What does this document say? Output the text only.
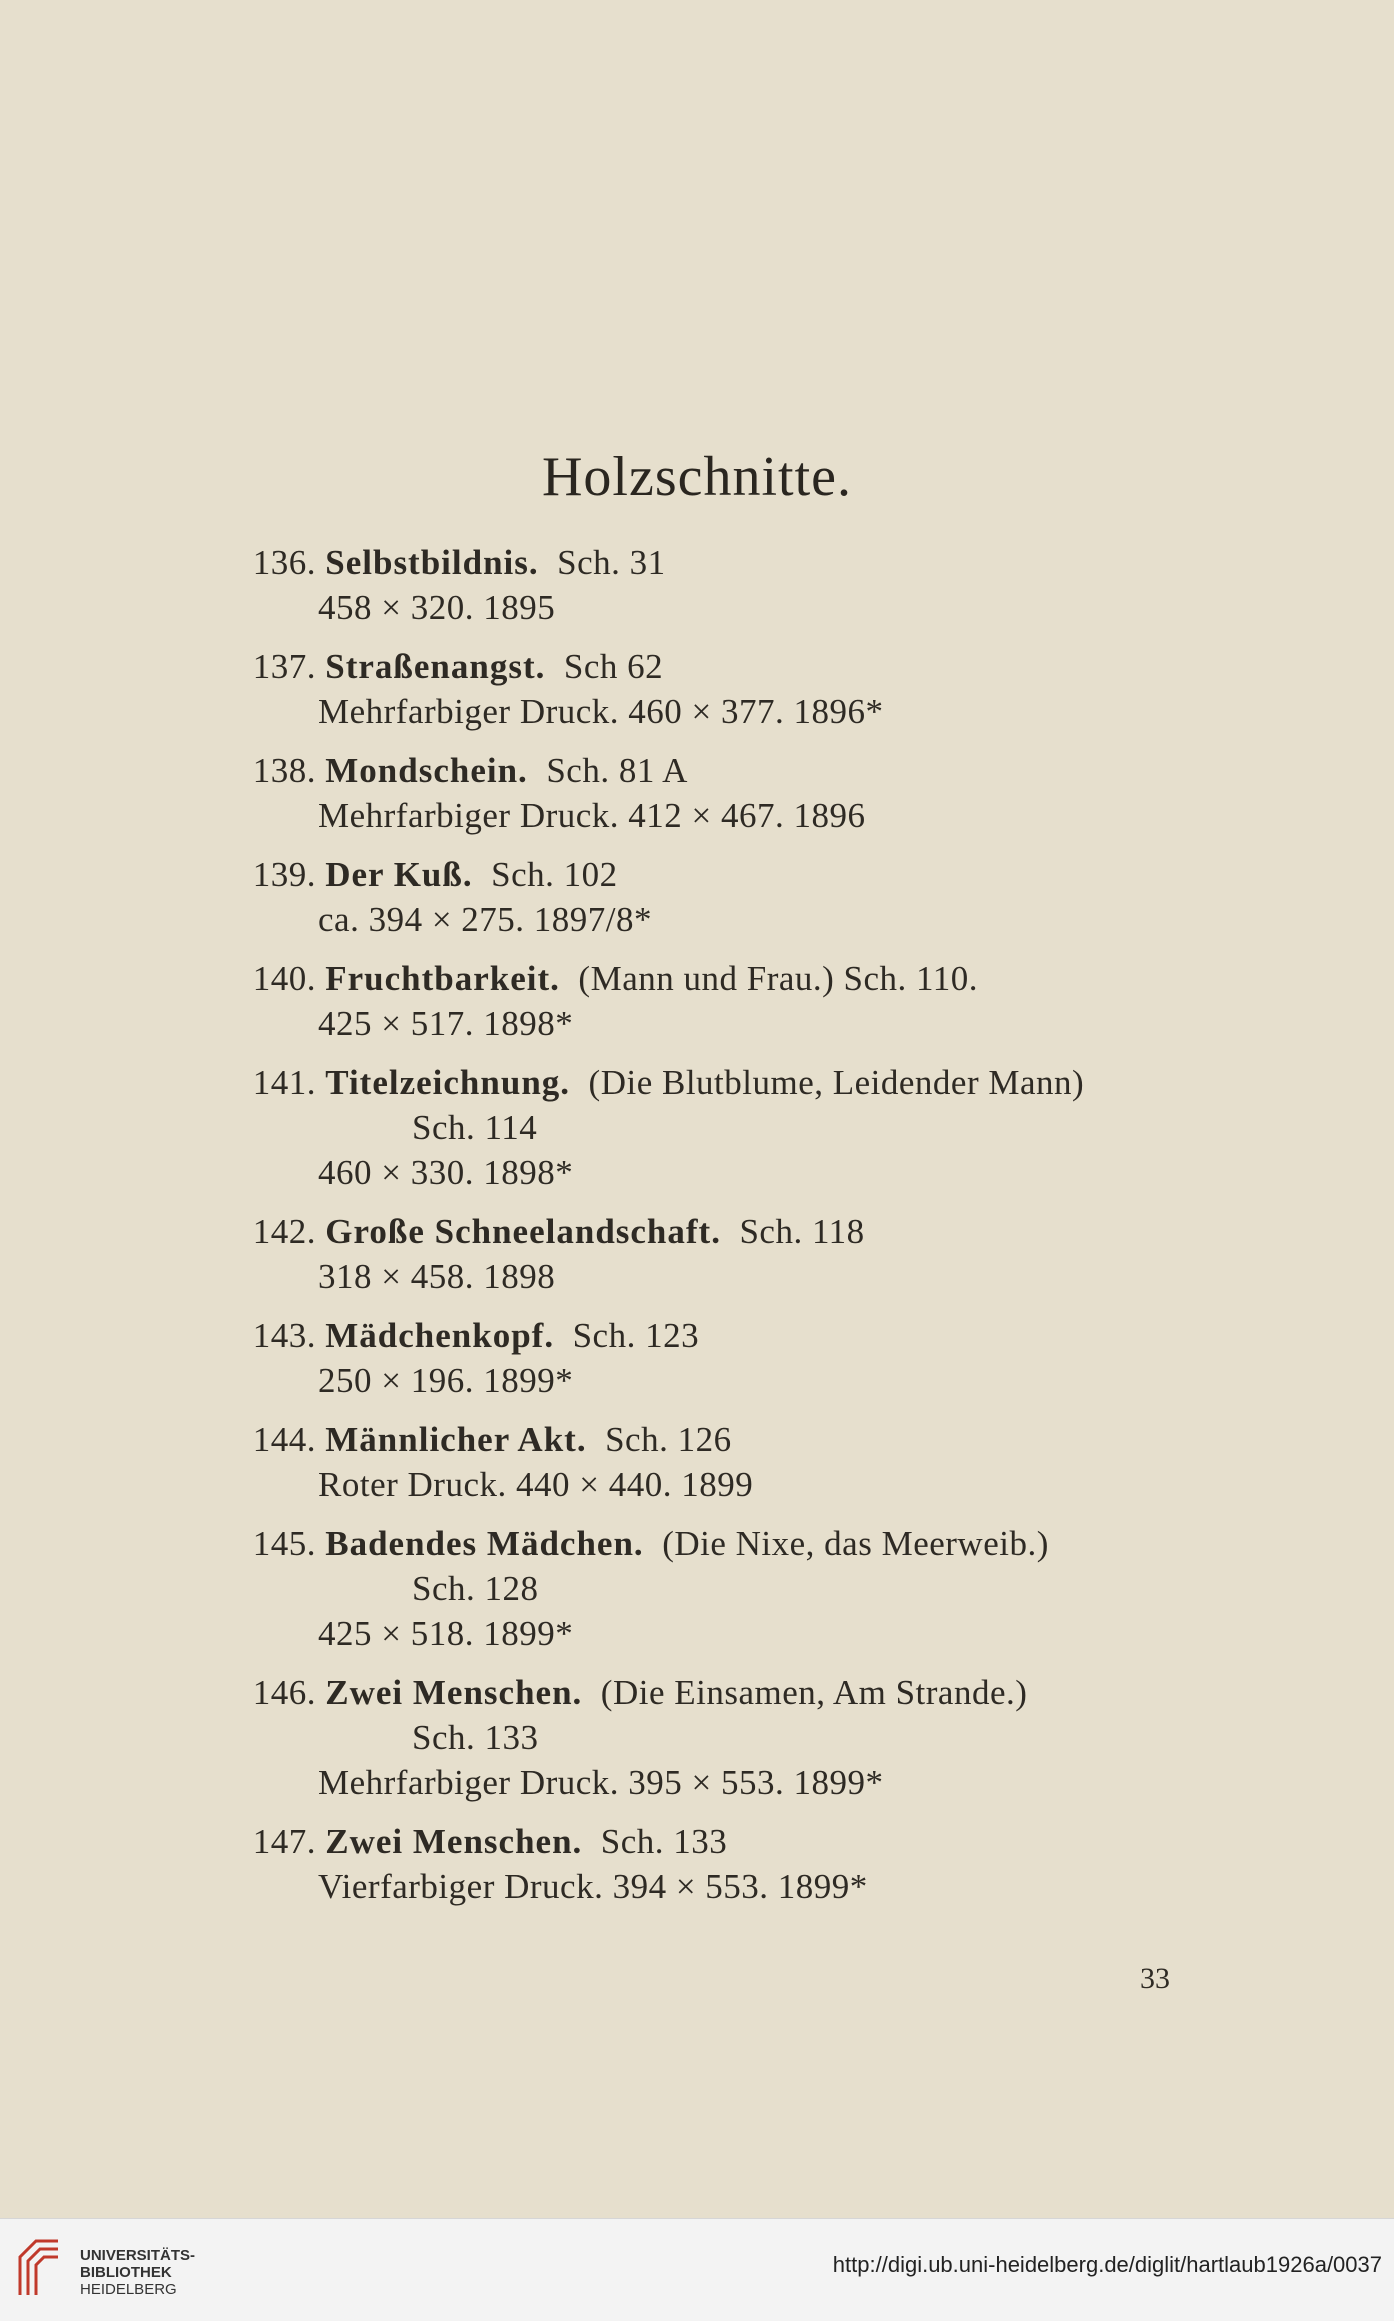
Holzschnitte.
136. Selbstbildnis. Sch. 31
458 × 320. 1895
137. Straßenangst. Sch 62
Mehrfarbiger Druck. 460 × 377. 1896*
138. Mondschein. Sch. 81 A
Mehrfarbiger Druck. 412 × 467. 1896
139. Der Kuß. Sch. 102
ca. 394 × 275. 1897/8*
140. Fruchtbarkeit. (Mann und Frau.) Sch. 110.
425 × 517. 1898*
141. Titelzeichnung. (Die Blutblume, Leidender Mann)
Sch. 114
460 × 330. 1898*
142. Große Schneelandschaft. Sch. 118
318 × 458. 1898
143. Mädchenkopf. Sch. 123
250 × 196. 1899*
144. Männlicher Akt. Sch. 126
Roter Druck. 440 × 440. 1899
145. Badendes Mädchen. (Die Nixe, das Meerweib.)
Sch. 128
425 × 518. 1899*
146. Zwei Menschen. (Die Einsamen, Am Strande.)
Sch. 133
Mehrfarbiger Druck. 395 × 553. 1899*
147. Zwei Menschen. Sch. 133
Vierfarbiger Druck. 394 × 553. 1899*
33
UNIVERSITÄTS-
BIBLIOTHEK
HEIDELBERG
http://digi.ub.uni-heidelberg.de/diglit/hartlaub1926a/0037
